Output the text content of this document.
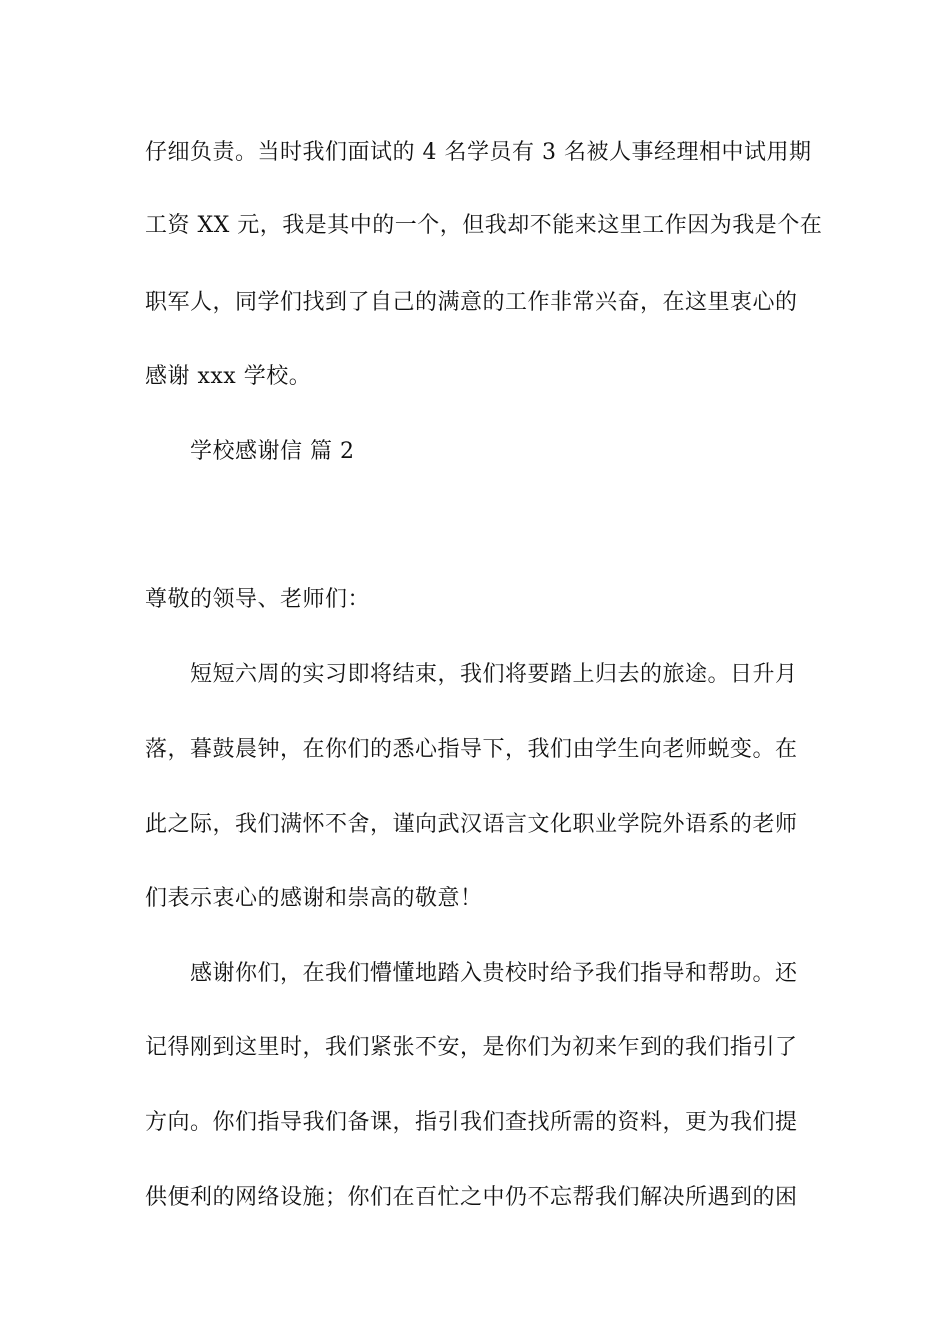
仔细负责。当时我们面试的 4 名学员有 3 名被人事经理相中试用期
工资 XX 元，我是其中的一个，但我却不能来这里工作因为我是个在
职军人，同学们找到了自己的满意的工作非常兴奋，在这里衷心的
感谢 xxx 学校。
学校感谢信 篇 2
尊敬的领导、老师们：
短短六周的实习即将结束，我们将要踏上归去的旅途。日升月
落，暮鼓晨钟，在你们的悉心指导下，我们由学生向老师蜕变。在
此之际，我们满怀不舍，谨向武汉语言文化职业学院外语系的老师
们表示衷心的感谢和崇高的敬意！
感谢你们，在我们懵懂地踏入贵校时给予我们指导和帮助。还
记得刚到这里时，我们紧张不安，是你们为初来乍到的我们指引了
方向。你们指导我们备课，指引我们查找所需的资料，更为我们提
供便利的网络设施；你们在百忙之中仍不忘帮我们解决所遇到的困
